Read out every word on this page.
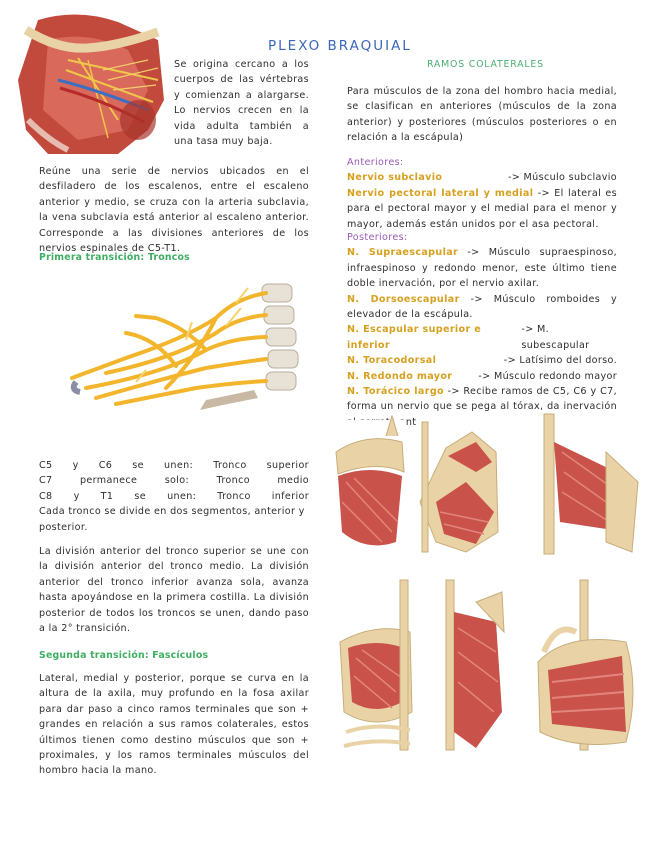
PLEXO BRAQUIAL
RAMOS COLATERALES
Se origina cercano a los cuerpos de las vértebras y comienzan a alargarse. Lo nervios crecen en la vida adulta también a una tasa muy baja.
Reúne una serie de nervios ubicados en el desfiladero de los escalenos, entre el escaleno anterior y medio, se cruza con la arteria subclavia, la vena subclavia está anterior al escaleno anterior. Corresponde a las divisiones anteriores de los nervios espinales de C5-T1.
Primera transición: Troncos
C5 y C6 se unen: Tronco superior
C7	permanece	solo:	Tronco	medio
C8 y T1 se unen: Tronco inferior
Cada tronco se divide en dos segmentos, anterior y posterior.
La división anterior del tronco superior se une con la división anterior del tronco medio. La división anterior del tronco inferior avanza sola, avanza hasta apoyándose en la primera costilla. La división posterior de todos los troncos se unen, dando paso a la 2° transición.
Segunda transición: Fascículos
Lateral, medial y posterior, porque se curva en la altura de la axila, muy profundo en la fosa axilar para dar paso a cinco ramos terminales que son + grandes en relación a sus ramos colaterales, estos últimos tienen como destino músculos que son + proximales, y los ramos terminales músculos del hombro hacia la mano.
Para músculos de la zona del hombro hacia medial, se clasifican en anteriores (músculos de la zona anterior) y posteriores (músculos posteriores o en relación a la escápula)
Anteriores:
Nervio subclavio	-> Músculo subclavio
Nervio pectoral lateral y medial -> El lateral es para el pectoral mayor y el medial para el menor y mayor, además están unidos por el asa pectoral.
Posteriores:
N. Supraescapular -> Músculo supraespinoso, infraespinoso y redondo menor, este último tiene doble inervación, por el nervio axilar.
N. Dorsoescapular -> Músculo romboides y elevador de la escápula.
N. Escapular superior e inferior
-> M. subescapular
N. Toracodorsal	-> Latísimo del dorso.
N. Redondo mayor	-> Músculo redondo mayor
N. Torácico largo -> Recibe ramos de C5, C6 y C7, forma un nervio que se pega al tórax, da inervación
